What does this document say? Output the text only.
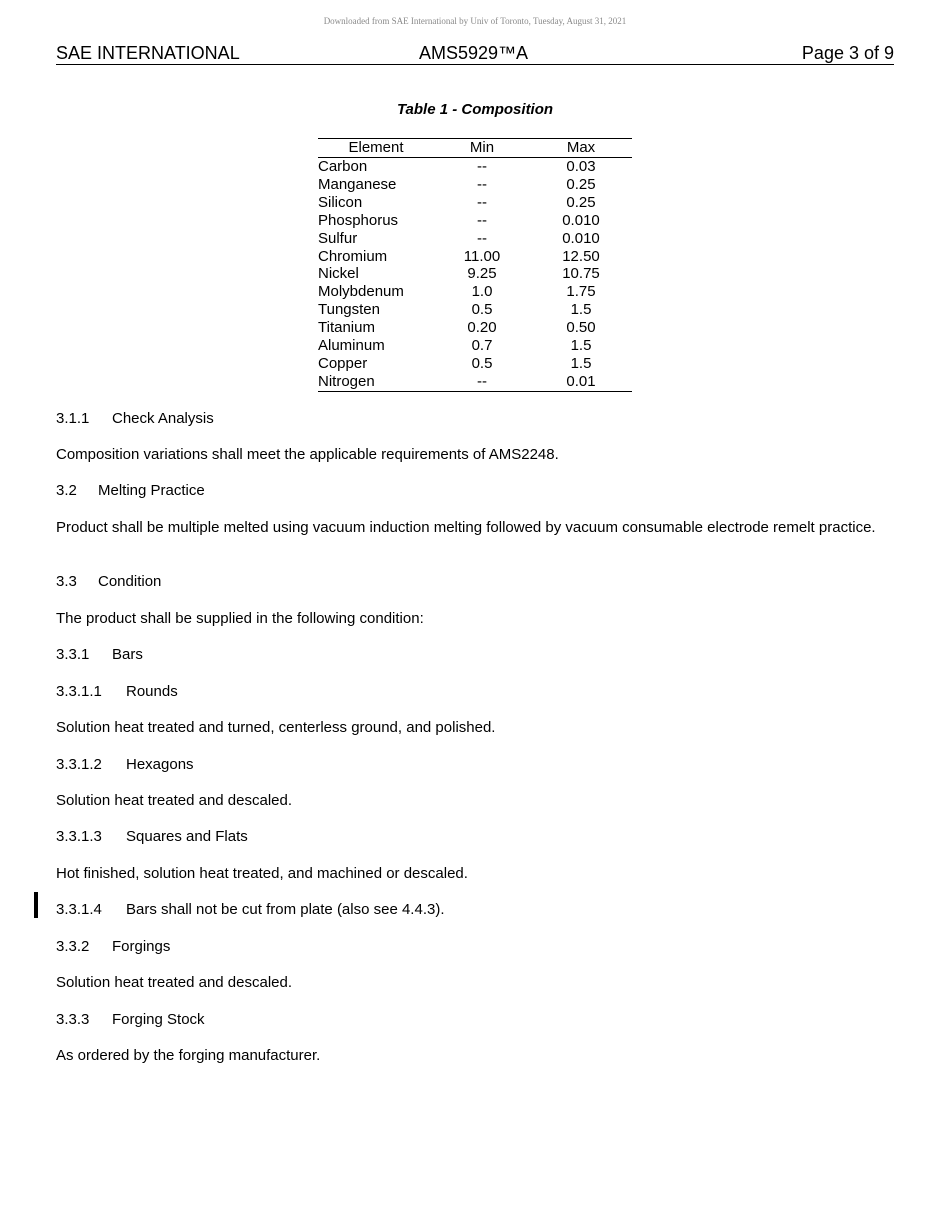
Downloaded from SAE International by Univ of Toronto, Tuesday, August 31, 2021
SAE INTERNATIONAL	AMS5929™A	Page 3 of 9
Table 1 - Composition
Element	Min	Max
Carbon	--	0.03
Manganese	--	0.25
Silicon	--	0.25
Phosphorus	--	0.010
Sulfur	--	0.010
Chromium	11.00	12.50
Nickel	9.25	10.75
Molybdenum	1.0	1.75
Tungsten	0.5	1.5
Titanium	0.20	0.50
Aluminum	0.7	1.5
Copper	0.5	1.5
Nitrogen	--	0.01
3.1.1 Check Analysis
Composition variations shall meet the applicable requirements of AMS2248.
3.2 Melting Practice
Product shall be multiple melted using vacuum induction melting followed by vacuum consumable electrode remelt practice.
3.3 Condition
The product shall be supplied in the following condition:
3.3.1 Bars
3.3.1.1 Rounds
Solution heat treated and turned, centerless ground, and polished.
3.3.1.2 Hexagons
Solution heat treated and descaled.
3.3.1.3 Squares and Flats
Hot finished, solution heat treated, and machined or descaled.
3.3.1.4 Bars shall not be cut from plate (also see 4.4.3).
3.3.2 Forgings
Solution heat treated and descaled.
3.3.3 Forging Stock
As ordered by the forging manufacturer.
